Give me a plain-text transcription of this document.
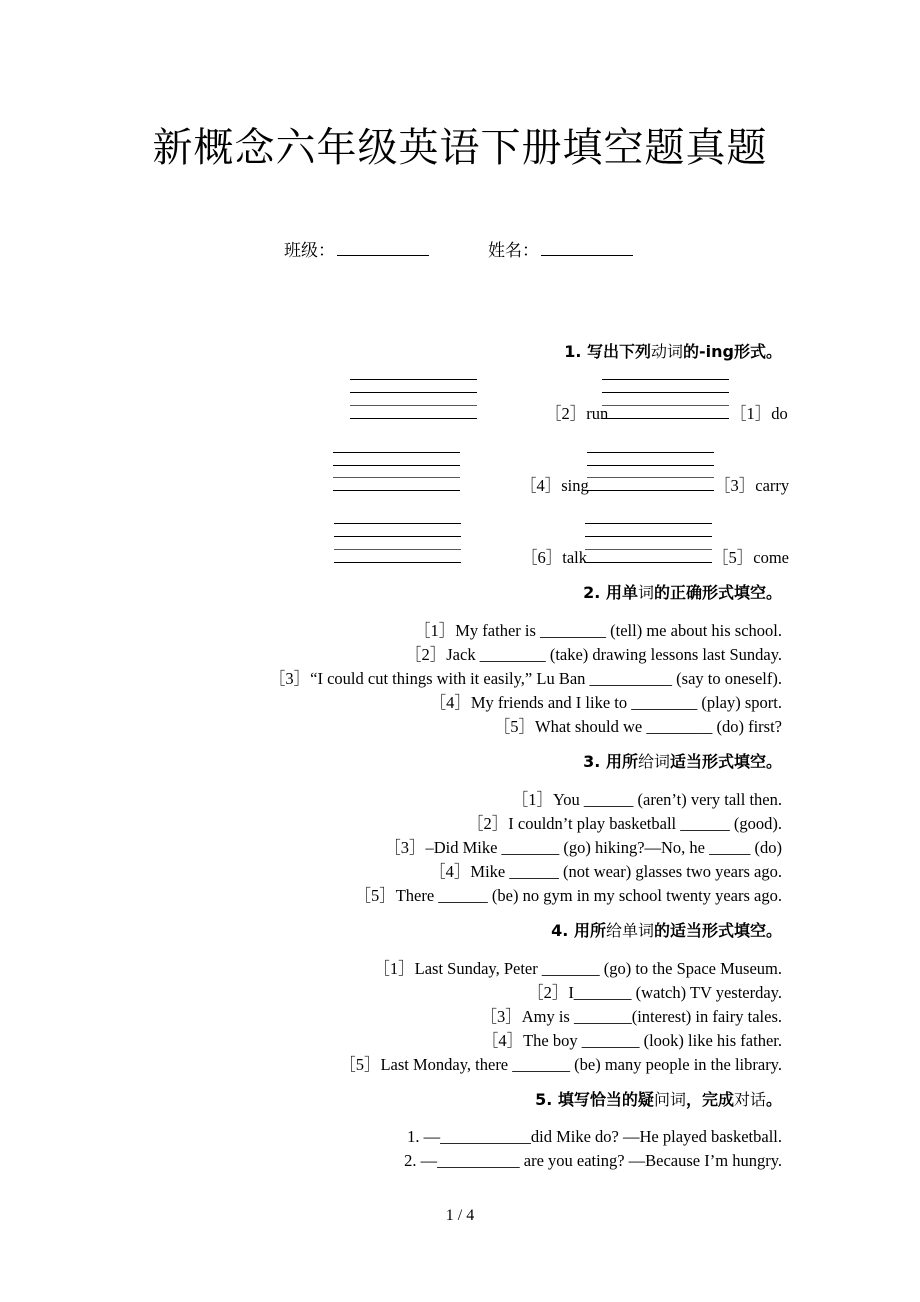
新概念六年级英语下册填空题真题
班级：	姓名：
1. 写出下列动词的-ing形式。
［2］run	［1］do
［4］sing	［3］carry
［6］talk	［5］come
2. 用单词的正确形式填空。
［1］My father is ________ (tell) me about his school.
［2］Jack ________ (take) drawing lessons last Sunday.
［3］“I could cut things with it easily,” Lu Ban __________ (say to oneself).
［4］My friends and I like to ________ (play) sport.
［5］What should we ________ (do) first?
3. 用所给词适当形式填空。
［1］You ______ (aren’t) very tall then.
［2］I couldn’t play basketball ______ (good).
［3］–Did Mike _______ (go) hiking?—No, he _____ (do)
［4］Mike ______ (not wear) glasses two years ago.
［5］There ______ (be) no gym in my school twenty years ago.
4. 用所给单词的适当形式填空。
［1］Last Sunday, Peter _______ (go) to the Space Museum.
［2］I_______ (watch) TV yesterday.
［3］Amy is _______(interest) in fairy tales.
［4］The boy _______ (look) like his father.
［5］Last Monday, there _______ (be) many people in the library.
5. 填写恰当的疑问词，完成对话。
1. —___________did Mike do? —He played basketball.
2. —__________ are you eating? —Because I’m hungry.
1 / 4
